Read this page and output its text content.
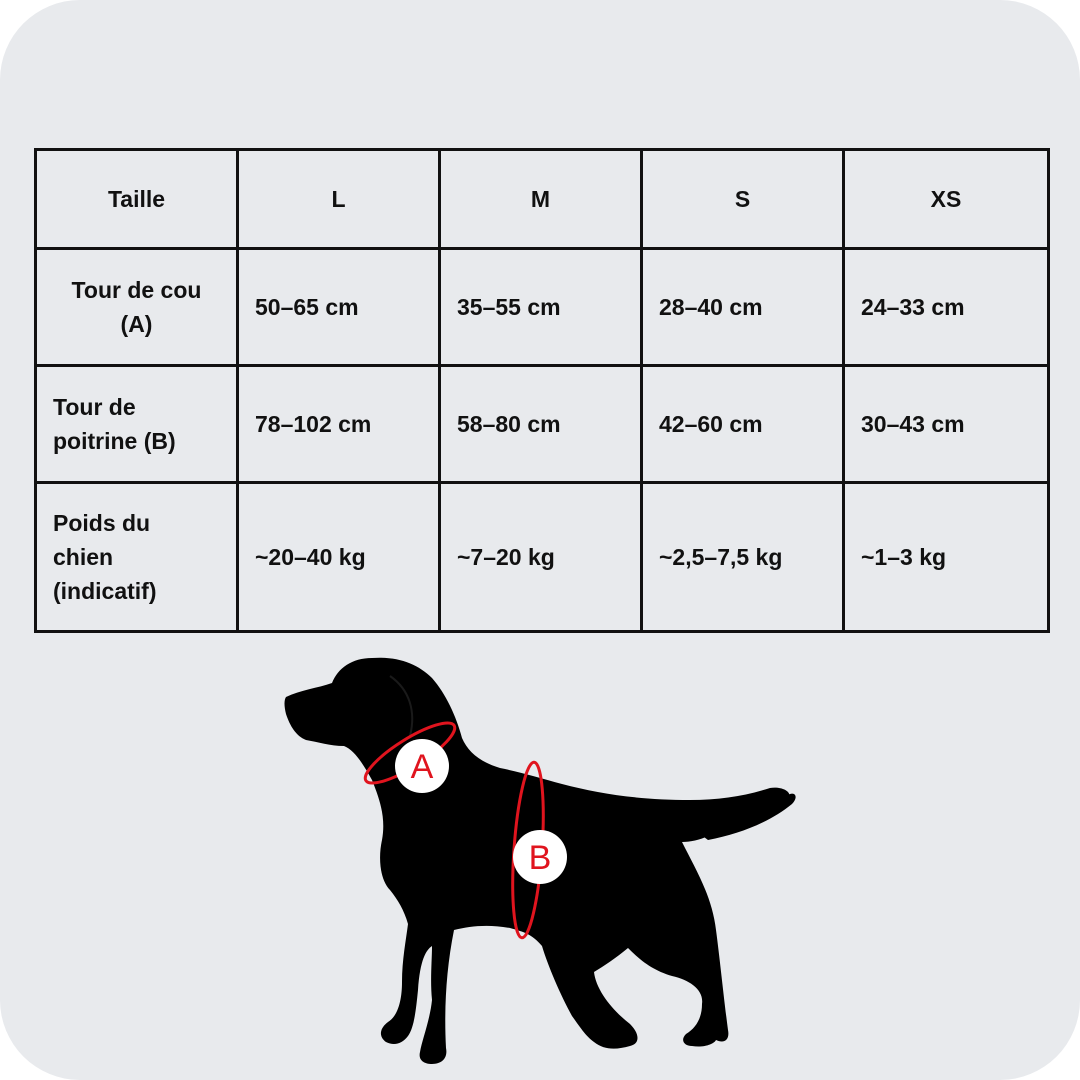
Taille	L	M	S	XS
Tour de cou
(A)	50–65 cm	35–55 cm	28–40 cm	24–33 cm
Tour de
poitrine (B)	78–102 cm	58–80 cm	42–60 cm	30–43 cm
Poids du
chien
(indicatif)	~20–40 kg	~7–20 kg	~2,5–7,5 kg	~1–3 kg
A
B
